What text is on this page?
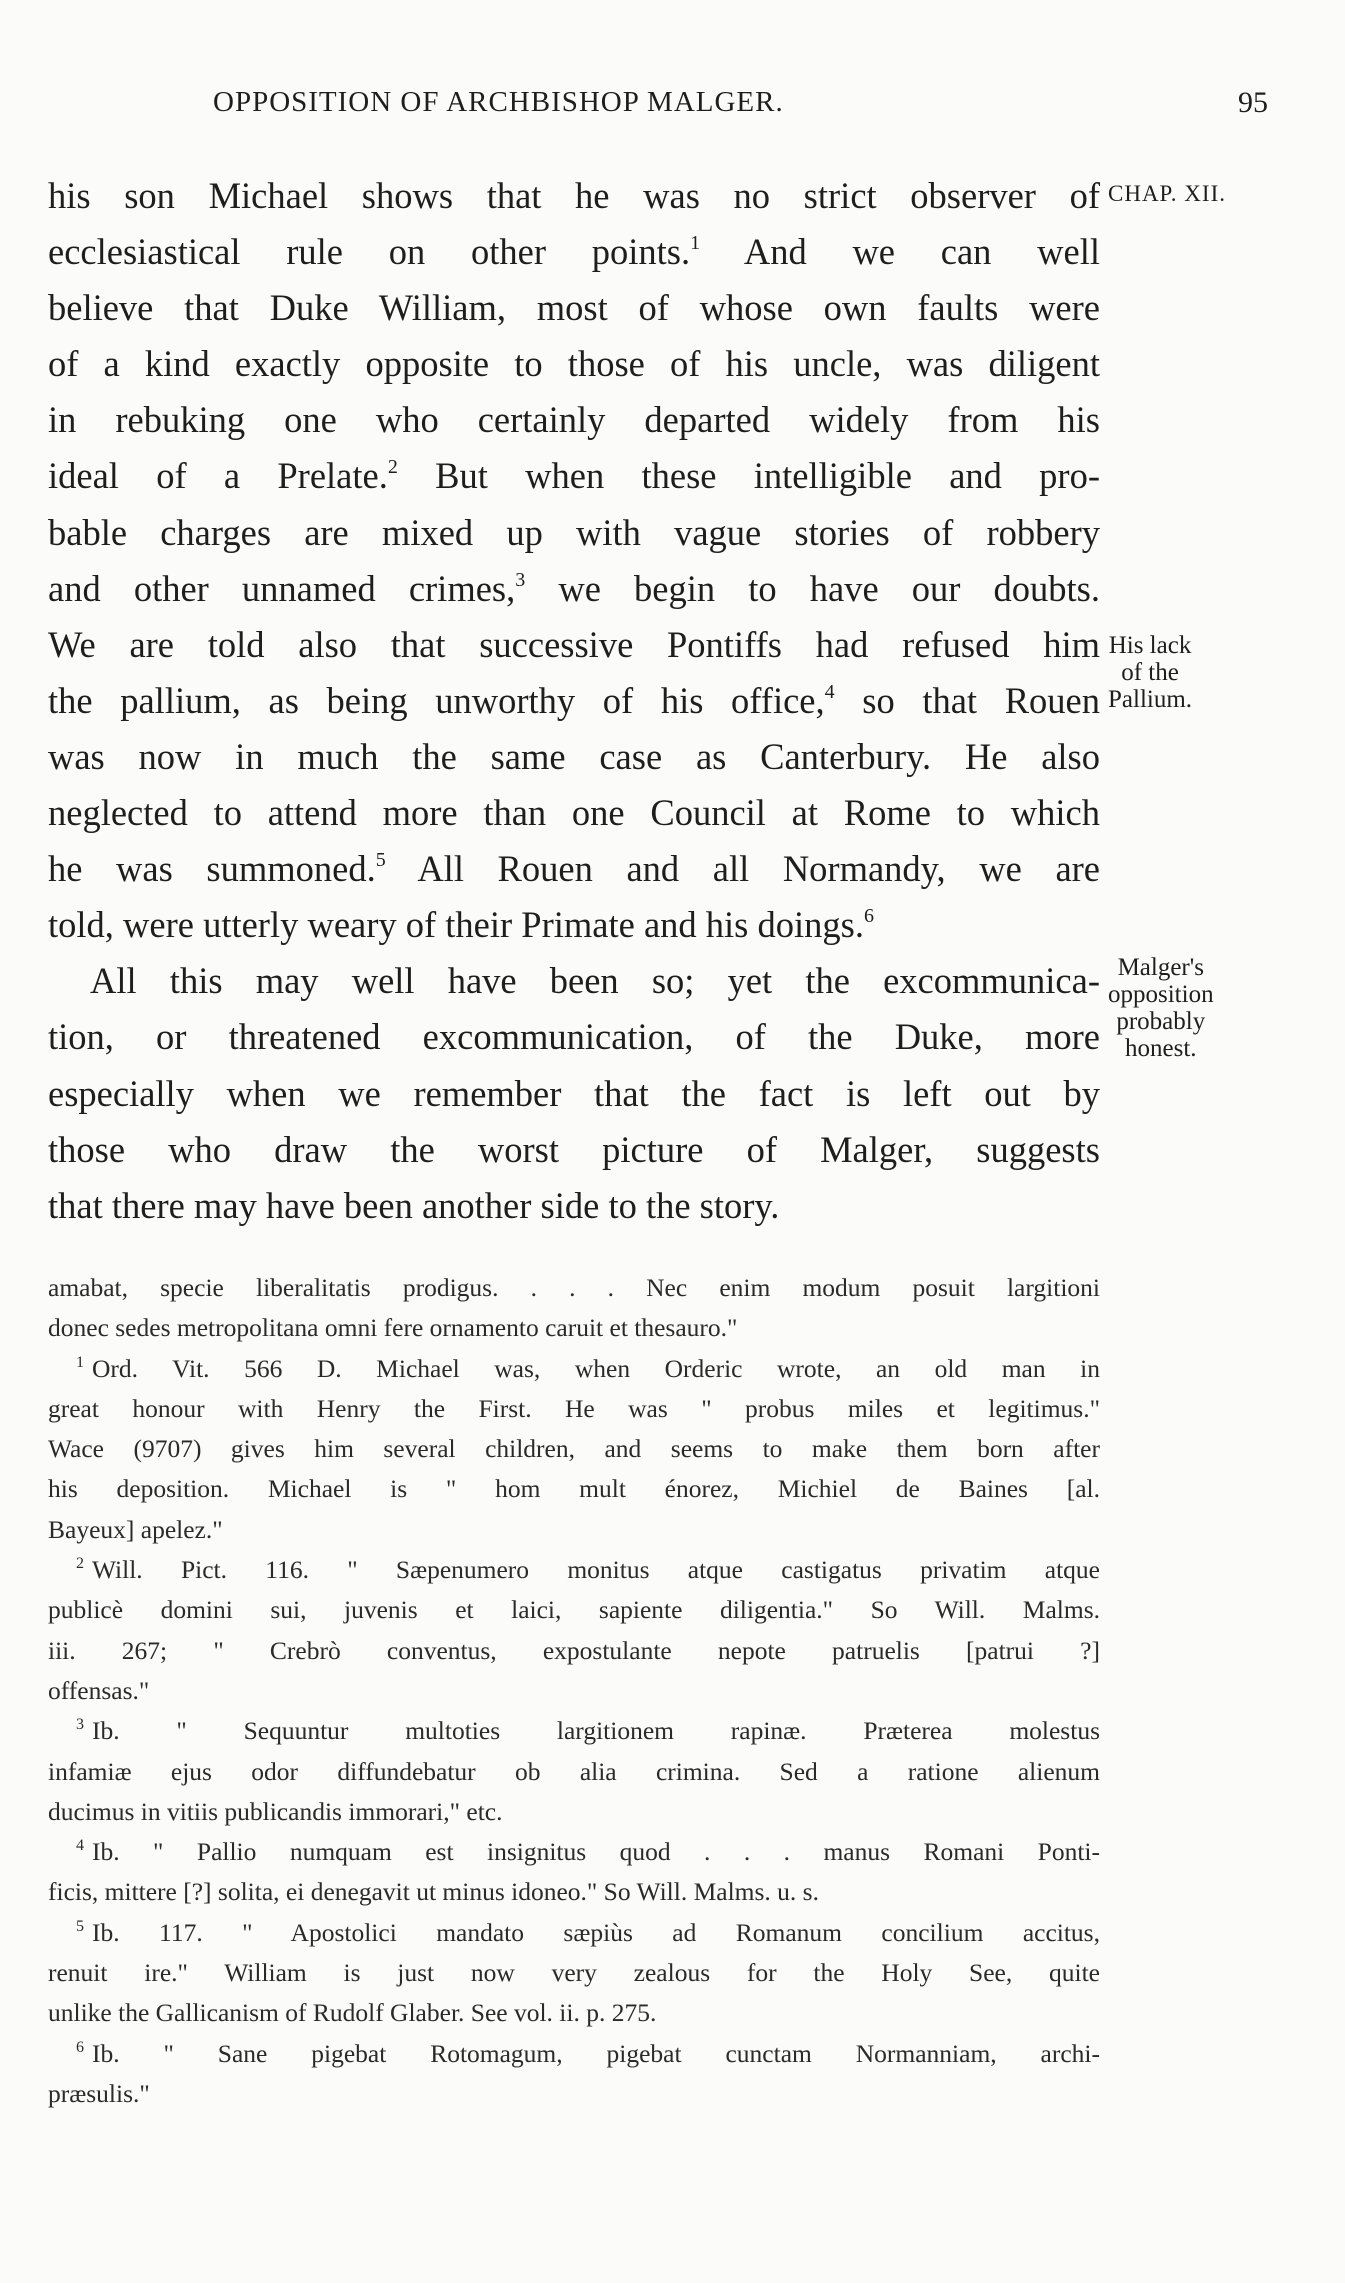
OPPOSITION OF ARCHBISHOP MALGER.	95
CHAP. XII.
His lack
of the
Pallium.
Malger's
opposition
probably
honest.
his son Michael shows that he was no strict observer of
ecclesiastical rule on other points.$^1$ And we can well
believe that Duke William, most of whose own faults were
of a kind exactly opposite to those of his uncle, was diligent
in rebuking one who certainly departed widely from his
ideal of a Prelate.$^2$ But when these intelligible and pro-
bable charges are mixed up with vague stories of robbery
and other unnamed crimes,$^3$ we begin to have our doubts.
We are told also that successive Pontiffs had refused him
the pallium, as being unworthy of his office,$^4$ so that Rouen
was now in much the same case as Canterbury. He also
neglected to attend more than one Council at Rome to which
he was summoned.$^5$ All Rouen and all Normandy, we are
told, were utterly weary of their Primate and his doings.$^6$
All this may well have been so; yet the excommunica-
tion, or threatened excommunication, of the Duke, more
especially when we remember that the fact is left out by
those who draw the worst picture of Malger, suggests
that there may have been another side to the story.
amabat, specie liberalitatis prodigus. . . . Nec enim modum posuit largitioni
donec sedes metropolitana omni fere ornamento caruit et thesauro."
$^1$ Ord. Vit. 566 D. Michael was, when Orderic wrote, an old man in
great honour with Henry the First. He was " probus miles et legitimus."
Wace (9707) gives him several children, and seems to make them born after
his deposition. Michael is " hom mult énorez, Michiel de Baines [al.
Bayeux] apelez."
$^2$ Will. Pict. 116. " Sæpenumero monitus atque castigatus privatim atque
publicè domini sui, juvenis et laici, sapiente diligentia." So Will. Malms.
iii. 267; " Crebrò conventus, expostulante nepote patruelis [patrui ?]
offensas."
$^3$ Ib. " Sequuntur multoties largitionem rapinæ. Præterea molestus
infamiæ ejus odor diffundebatur ob alia crimina. Sed a ratione alienum
ducimus in vitiis publicandis immorari," etc.
$^4$ Ib. " Pallio numquam est insignitus quod . . . manus Romani Ponti-
ficis, mittere [?] solita, ei denegavit ut minus idoneo." So Will. Malms. u. s.
$^5$ Ib. 117. " Apostolici mandato sæpiùs ad Romanum concilium accitus,
renuit ire." William is just now very zealous for the Holy See, quite
unlike the Gallicanism of Rudolf Glaber. See vol. ii. p. 275.
$^6$ Ib. " Sane pigebat Rotomagum, pigebat cunctam Normanniam, archi-
præsulis."
